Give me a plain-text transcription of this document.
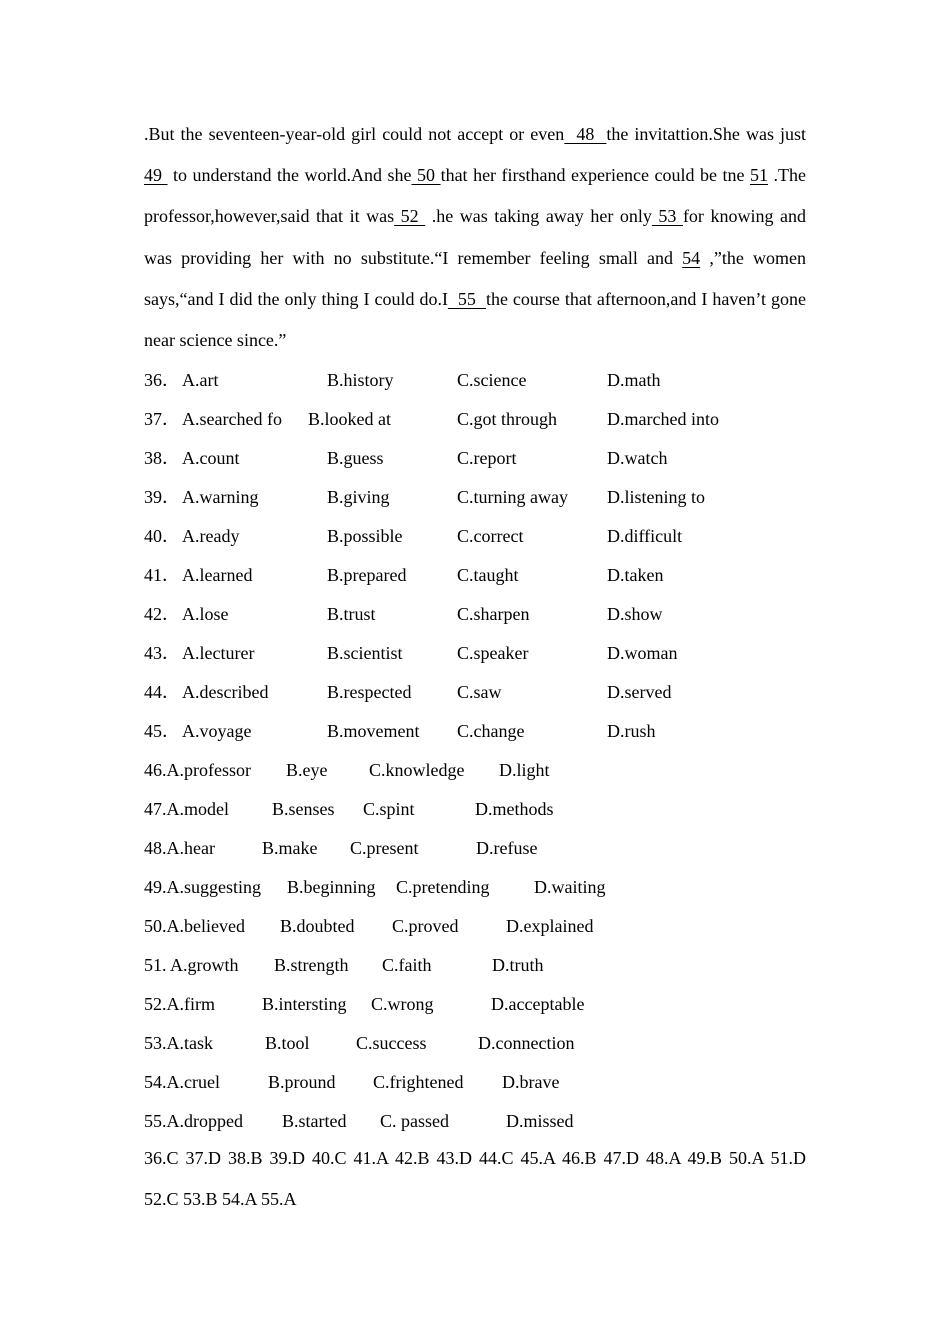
.But the seventeen-year-old girl could not accept or even  48  the invitattion.She was just 49  to understand the world.And she 50 that her firsthand experience could be tne 51 .The professor,however,said that it was 52  .he was taking away her only 53 for knowing and was providing her with no substitute.“I remember feeling small and 54 ,”the women says,“and I did the only thing I could do.I  55  the course that afternoon,and I haven’t gone near science since.”

36． A.art	B.history	C.science	D.math
37． A.searched fo B.looked at	C.got through	D.marched into
38． A.count	B.guess	C.report	D.watch
39． A.warning	B.giving	C.turning away D.listening to
40． A.ready	B.possible	C.correct	D.difficult
41． A.learned	B.prepared	C.taught	D.taken
42． A.lose	B.trust	C.sharpen	D.show
43． A.lecturer	B.scientist	C.speaker	D.woman
44． A.described	B.respected	C.saw	D.served
45． A.voyage	B.movement C.change	D.rush
46.A.professor B.eye C.knowledge D.light
47.A.model B.senses C.spint	D.methods
48.A.hear	B.make C.present	D.refuse
49.A.suggesting B.beginning C.pretending D.waiting
50.A.believed B.doubted C.proved	D.explained
51. A.growth B.strength C.faith	D.truth
52.A.firm	B.intersting C.wrong	D.acceptable
53.A.task	B.tool	C.success	D.connection
54.A.cruel	B.pround C.frightened D.brave
55.A.dropped B.started C. passed	D.missed

36.C 37.D 38.B 39.D 40.C 41.A 42.B 43.D 44.C 45.A 46.B 47.D 48.A 49.B 50.A 51.D 52.C 53.B 54.A 55.A
